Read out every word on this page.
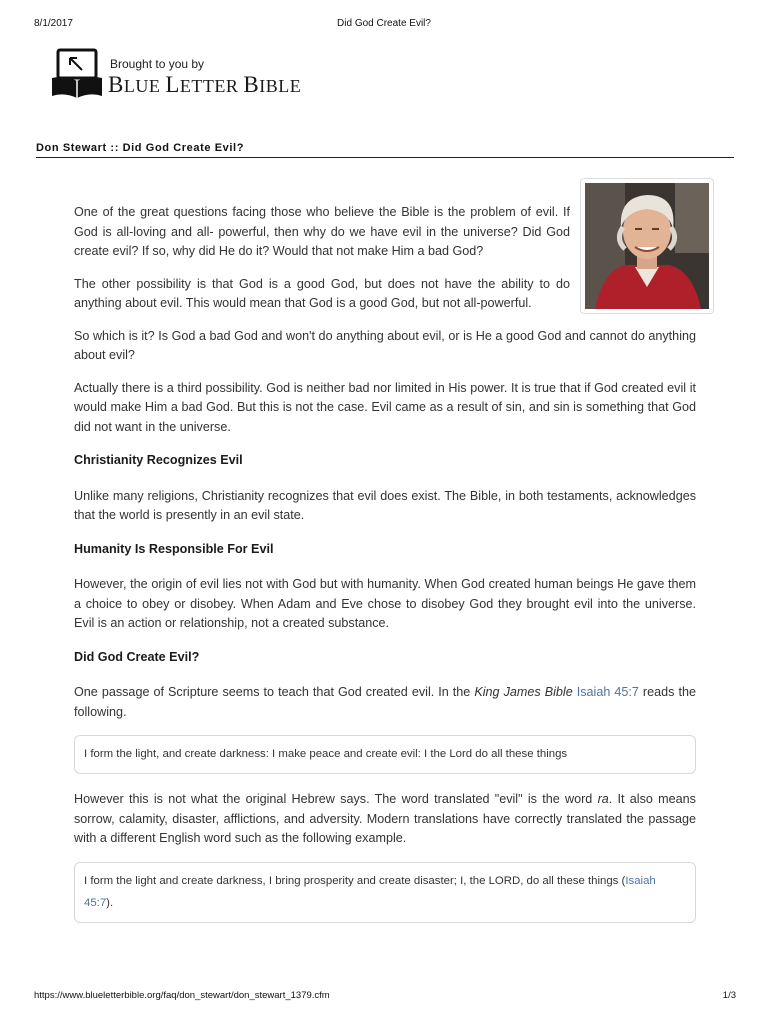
8/1/2017	Did God Create Evil?
Brought to you by
BLUE LETTER BIBLE
Don Stewart :: Did God Create Evil?

One of the great questions facing those who believe the Bible is the problem of evil. If God is all-loving and all- powerful, then why do we have evil in the universe? Did God create evil? If so, why did He do it? Would that not make Him a bad God?

The other possibility is that God is a good God, but does not have the ability to do anything about evil. This would mean that God is a good God, but not all-powerful.

So which is it? Is God a bad God and won't do anything about evil, or is He a good God and cannot do anything about evil?

Actually there is a third possibility. God is neither bad nor limited in His power. It is true that if God created evil it would make Him a bad God. But this is not the case. Evil came as a result of sin, and sin is something that God did not want in the universe.

Christianity Recognizes Evil

Unlike many religions, Christianity recognizes that evil does exist. The Bible, in both testaments, acknowledges that the world is presently in an evil state.

Humanity Is Responsible For Evil

However, the origin of evil lies not with God but with humanity. When God created human beings He gave them a choice to obey or disobey. When Adam and Eve chose to disobey God they brought evil into the universe. Evil is an action or relationship, not a created substance.

Did God Create Evil?

One passage of Scripture seems to teach that God created evil. In the King James Bible Isaiah 45:7 reads the following.

I form the light, and create darkness: I make peace and create evil: I the Lord do all these things

However this is not what the original Hebrew says. The word translated "evil" is the word ra. It also means sorrow, calamity, disaster, afflictions, and adversity. Modern translations have correctly translated the passage with a different English word such as the following example.

I form the light and create darkness, I bring prosperity and create disaster; I, the LORD, do all these things (Isaiah 45:7).
https://www.blueletterbible.org/faq/don_stewart/don_stewart_1379.cfm	1/3
